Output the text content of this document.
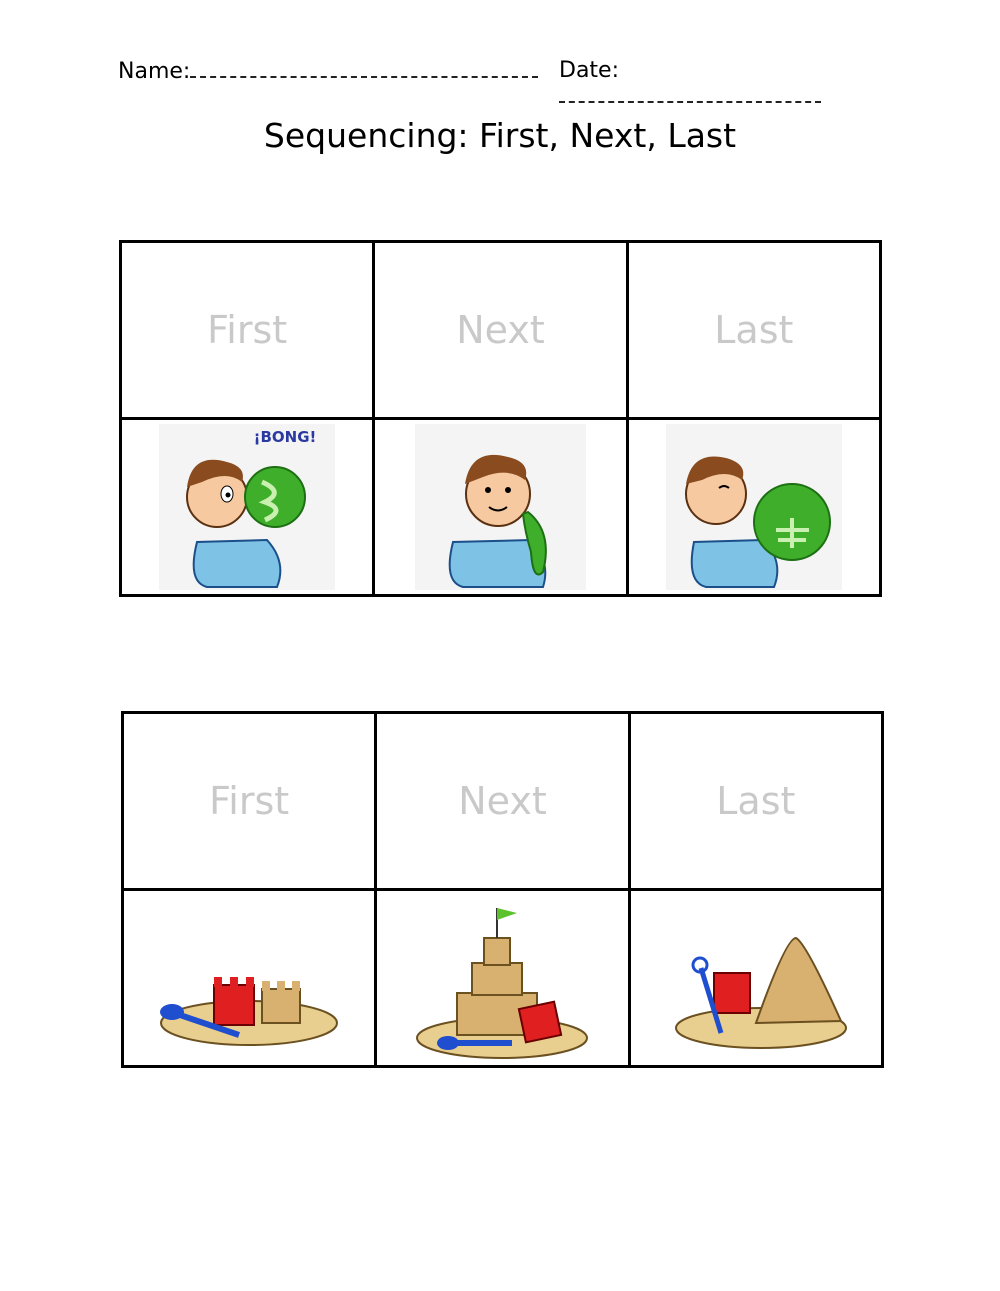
Name:	Date:
Sequencing: First, Next, Last
First	Next	Last

¡BONG!

First	Next	Last
